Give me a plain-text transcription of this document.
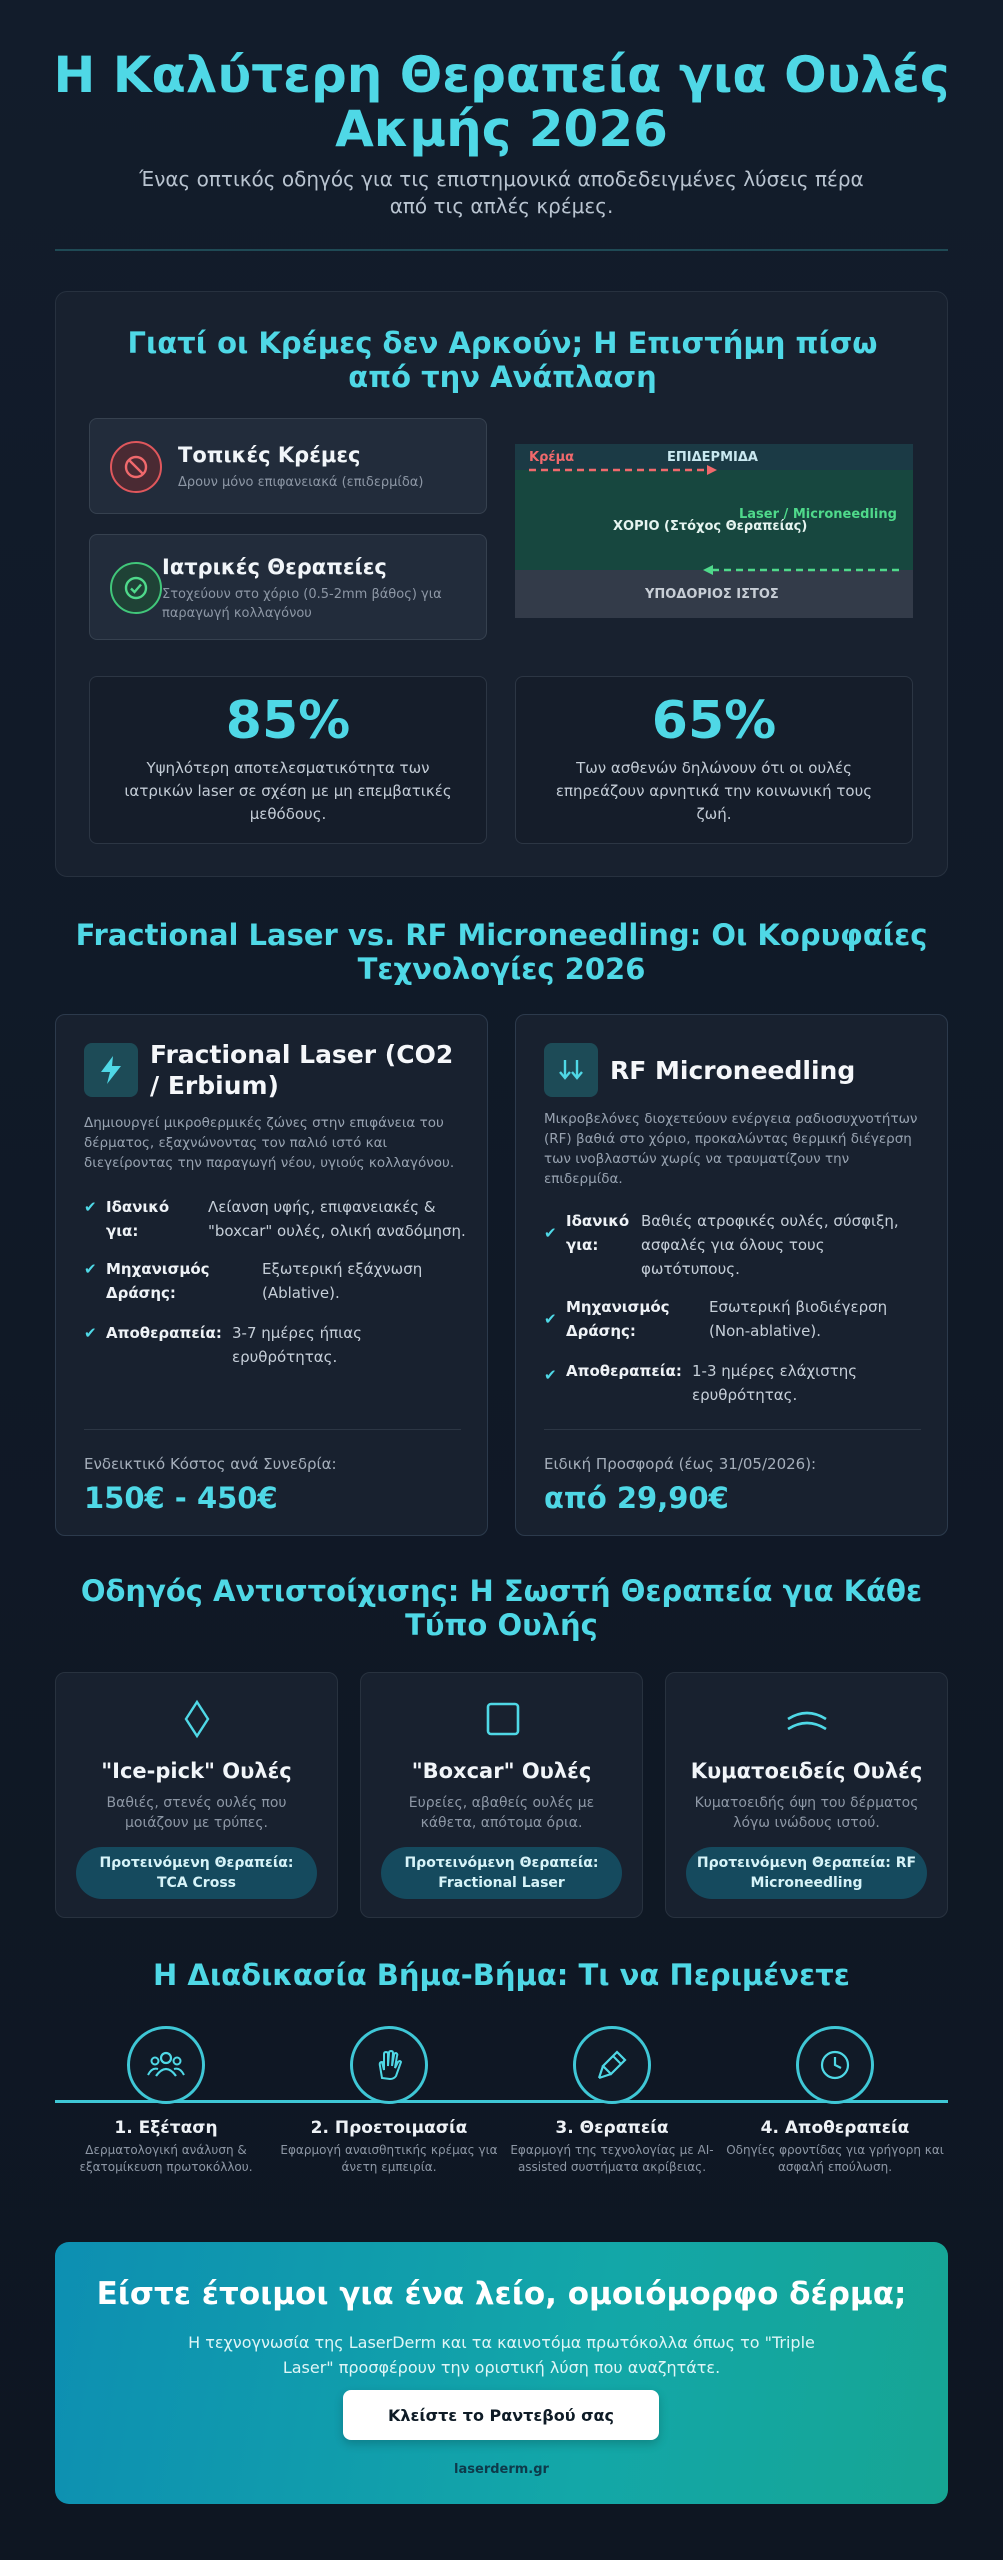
Η Καλύτερη Θεραπεία για Ουλές Ακμής 2026

Ένας οπτικός οδηγός για τις επιστημονικά αποδεδειγμένες λύσεις πέρα από τις απλές κρέμες.

Γιατί οι Κρέμες δεν Αρκούν; Η Επιστήμη πίσω από την Ανάπλαση
Τοπικές Κρέμες
Δρουν μόνο επιφανειακά (επιδερμίδα)
Ιατρικές Θεραπείες
Στοχεύουν στο χόριο (0.5-2mm βάθος) για παραγωγή κολλαγόνου
Κρέμα	ΕΠΙΔΕΡΜΙΔΑ
Laser / Microneedling
ΧΟΡΙΟ (Στόχος Θεραπείας)
ΥΠΟΔΟΡΙΟΣ ΙΣΤΟΣ
85%
Υψηλότερη αποτελεσματικότητα των ιατρικών laser σε σχέση με μη επεμβατικές μεθόδους.
65%
Των ασθενών δηλώνουν ότι οι ουλές επηρεάζουν αρνητικά την κοινωνική τους ζωή.
Fractional Laser vs. RF Microneedling: Οι Κορυφαίες Τεχνολογίες 2026
Fractional Laser (CO2 / Erbium)
Δημιουργεί μικροθερμικές ζώνες στην επιφάνεια του δέρματος, εξαχνώνοντας τον παλιό ιστό και διεγείροντας την παραγωγή νέου, υγιούς κολλαγόνου.
✔ Ιδανικό για:
Λείανση υφής, επιφανειακές & "boxcar" ουλές, ολική αναδόμηση.
✔ Μηχανισμός Δράσης:
Εξωτερική εξάχνωση (Ablative).
✔ Αποθεραπεία: 3-7 ημέρες ήπιας ερυθρότητας.
Ενδεικτικό Κόστος ανά Συνεδρία:
150€ - 450€
RF Microneedling
Μικροβελόνες διοχετεύουν ενέργεια ραδιοσυχνοτήτων (RF) βαθιά στο χόριο, προκαλώντας θερμική διέγερση των ινοβλαστών χωρίς να τραυματίζουν την επιδερμίδα.
✔
Ιδανικό για:
Βαθιές ατροφικές ουλές, σύσφιξη, ασφαλές για όλους τους φωτότυπους.
✔
Μηχανισμός Δράσης:
Εσωτερική βιοδιέγερση (Non-ablative).
✔ Αποθεραπεία: 1-3 ημέρες ελάχιστης ερυθρότητας.
Ειδική Προσφορά (έως 31/05/2026):
από 29,90€
Οδηγός Αντιστοίχισης: Η Σωστή Θεραπεία για Κάθε Τύπο Ουλής
"Ice-pick" Ουλές
Βαθιές, στενές ουλές που μοιάζουν με τρύπες.
Προτεινόμενη Θεραπεία: TCA Cross
"Boxcar" Ουλές
Ευρείες, αβαθείς ουλές με κάθετα, απότομα όρια.
Προτεινόμενη Θεραπεία: Fractional Laser
Κυματοειδείς Ουλές
Κυματοειδής όψη του δέρματος λόγω ινώδους ιστού.
Προτεινόμενη Θεραπεία: RF Microneedling
Η Διαδικασία Βήμα-Βήμα: Τι να Περιμένετε
1. Εξέταση
Δερματολογική ανάλυση & εξατομίκευση πρωτοκόλλου.
2. Προετοιμασία
Εφαρμογή αναισθητικής κρέμας για άνετη εμπειρία.
3. Θεραπεία
Εφαρμογή της τεχνολογίας με AI-assisted συστήματα ακρίβειας.
4. Αποθεραπεία
Οδηγίες φροντίδας για γρήγορη και ασφαλή επούλωση.
Είστε έτοιμοι για ένα λείο, ομοιόμορφο δέρμα;
Η τεχνογνωσία της LaserDerm και τα καινοτόμα πρωτόκολλα όπως το "Triple Laser" προσφέρουν την οριστική λύση που αναζητάτε.
Κλείστε το Ραντεβού σας
laserderm.gr
